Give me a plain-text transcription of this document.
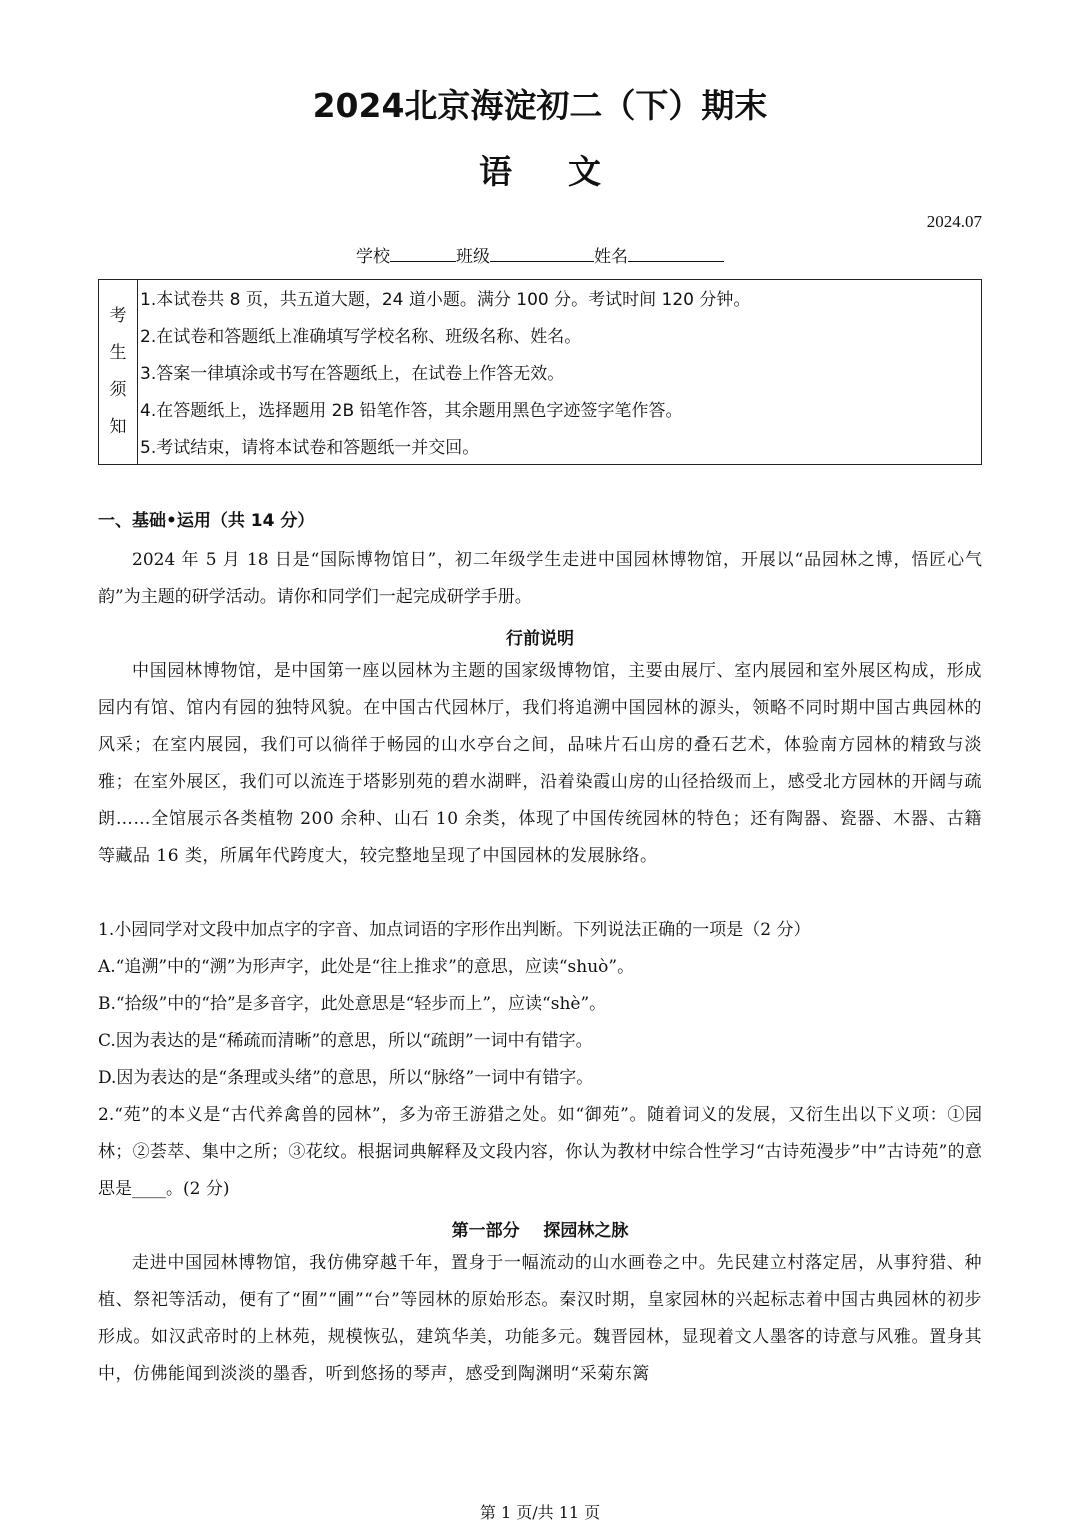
2024北京海淀初二（下）期末
语文
2024.07
学校	班级	姓名
考
生
须
知
1.本试卷共 8 页，共五道大题，24 道小题。满分 100 分。考试时间 120 分钟。
2.在试卷和答题纸上准确填写学校名称、班级名称、姓名。
3.答案一律填涂或书写在答题纸上，在试卷上作答无效。
4.在答题纸上，选择题用 2B 铅笔作答，其余题用黑色字迹签字笔作答。
5.考试结束，请将本试卷和答题纸一并交回。
一、基础•运用（共 14 分）
2024 年 5 月 18 日是“国际博物馆日”，初二年级学生走进中国园林博物馆，开展以“品园林之博，悟匠心气韵”为主题的研学活动。请你和同学们一起完成研学手册。
行前说明
中国园林博物馆，是中国第一座以园林为主题的国家级博物馆，主要由展厅、室内展园和室外展区构成，形成园内有馆、馆内有园的独特风貌。在中国古代园林厅，我们将追溯中国园林的源头，领略不同时期中国古典园林的风采；在室内展园，我们可以徜徉于畅园的山水亭台之间，品味片石山房的叠石艺术，体验南方园林的精致与淡雅；在室外展区，我们可以流连于塔影别苑的碧水湖畔，沿着染霞山房的山径拾级而上，感受北方园林的开阔与疏朗……全馆展示各类植物 200 余种、山石 10 余类，体现了中国传统园林的特色；还有陶器、瓷器、木器、古籍等藏品 16 类，所属年代跨度大，较完整地呈现了中国园林的发展脉络。
1.小园同学对文段中加点字的字音、加点词语的字形作出判断。下列说法正确的一项是（2 分）
A.“追溯”中的“溯”为形声字，此处是“往上推求”的意思，应读“shuò”。
B.“拾级”中的“拾”是多音字，此处意思是“轻步而上”，应读“shè”。
C.因为表达的是“稀疏而清晰”的意思，所以“疏朗”一词中有错字。
D.因为表达的是“条理或头绪”的意思，所以“脉络”一词中有错字。
2.“苑”的本义是“古代养禽兽的园林”，多为帝王游猎之处。如“御苑”。随着词义的发展，又衍生出以下义项：①园林；②荟萃、集中之所；③花纹。根据词典解释及文段内容，你认为教材中综合性学习“古诗苑漫步”中”古诗苑”的意思是____。(2 分)
第一部分    探园林之脉
走进中国园林博物馆，我仿佛穿越千年，置身于一幅流动的山水画卷之中。先民建立村落定居，从事狩猎、种植、祭祀等活动，便有了“囿”“圃”“台”等园林的原始形态。秦汉时期，皇家园林的兴起标志着中国古典园林的初步形成。如汉武帝时的上林苑，规模恢弘，建筑华美，功能多元。魏晋园林，显现着文人墨客的诗意与风雅。置身其中，仿佛能闻到淡淡的墨香，听到悠扬的琴声，感受到陶渊明“采菊东篱
第 1 页/共 11 页
